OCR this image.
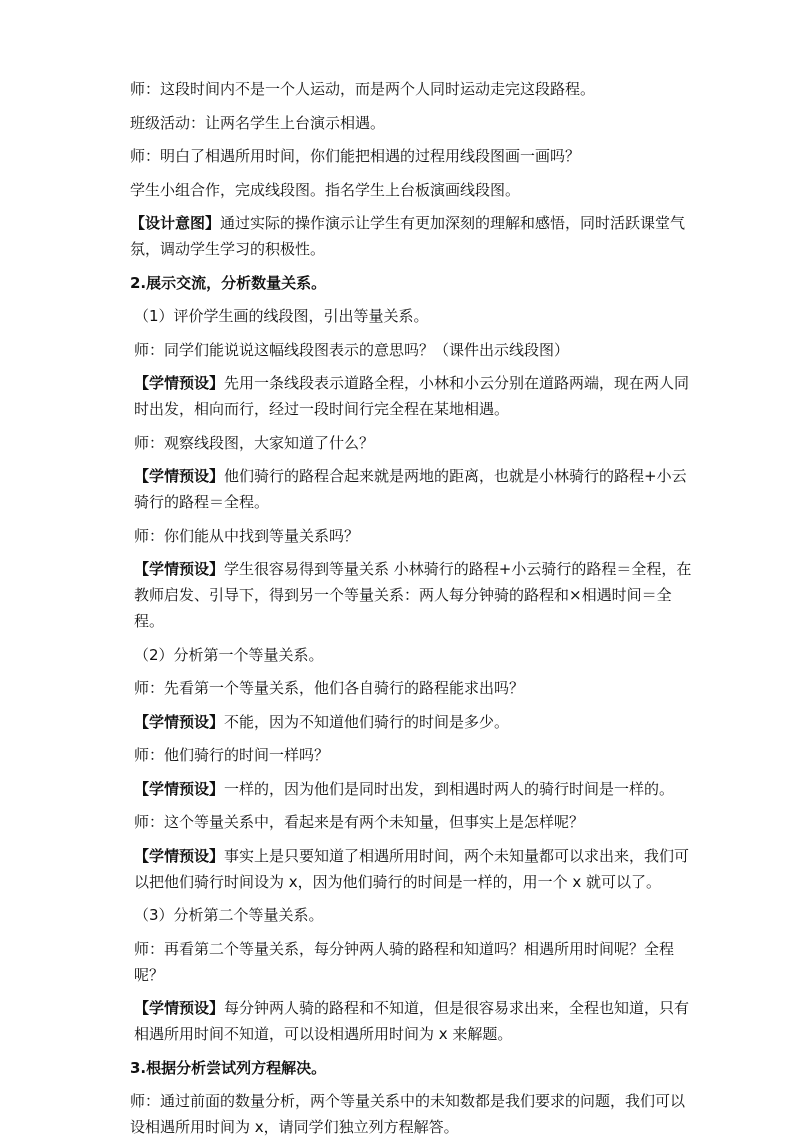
师：这段时间内不是一个人运动，而是两个人同时运动走完这段路程。

班级活动：让两名学生上台演示相遇。

师：明白了相遇所用时间，你们能把相遇的过程用线段图画一画吗？

学生小组合作，完成线段图。指名学生上台板演画线段图。

【设计意图】通过实际的操作演示让学生有更加深刻的理解和感悟，同时活跃课堂气氛，调动学生学习的积极性。

2.展示交流，分析数量关系。

（1）评价学生画的线段图，引出等量关系。

师：同学们能说说这幅线段图表示的意思吗？（课件出示线段图）

【学情预设】先用一条线段表示道路全程，小林和小云分别在道路两端，现在两人同时出发，相向而行，经过一段时间行完全程在某地相遇。

师：观察线段图，大家知道了什么？

【学情预设】他们骑行的路程合起来就是两地的距离，也就是小林骑行的路程+小云骑行的路程＝全程。

师：你们能从中找到等量关系吗？

【学情预设】学生很容易得到等量关系 小林骑行的路程+小云骑行的路程＝全程，在教师启发、引导下，得到另一个等量关系：两人每分钟骑的路程和×相遇时间＝全程。

（2）分析第一个等量关系。

师：先看第一个等量关系，他们各自骑行的路程能求出吗？

【学情预设】不能，因为不知道他们骑行的时间是多少。

师：他们骑行的时间一样吗？

【学情预设】一样的，因为他们是同时出发，到相遇时两人的骑行时间是一样的。

师：这个等量关系中，看起来是有两个未知量，但事实上是怎样呢？

【学情预设】事实上是只要知道了相遇所用时间，两个未知量都可以求出来，我们可以把他们骑行时间设为 x，因为他们骑行的时间是一样的，用一个 x 就可以了。

（3）分析第二个等量关系。

师：再看第二个等量关系，每分钟两人骑的路程和知道吗？相遇所用时间呢？全程呢？

【学情预设】每分钟两人骑的路程和不知道，但是很容易求出来，全程也知道，只有相遇所用时间不知道，可以设相遇所用时间为 x 来解题。

3.根据分析尝试列方程解决。

师：通过前面的数量分析，两个等量关系中的未知数都是我们要求的问题，我们可以设相遇所用时间为 x，请同学们独立列方程解答。
